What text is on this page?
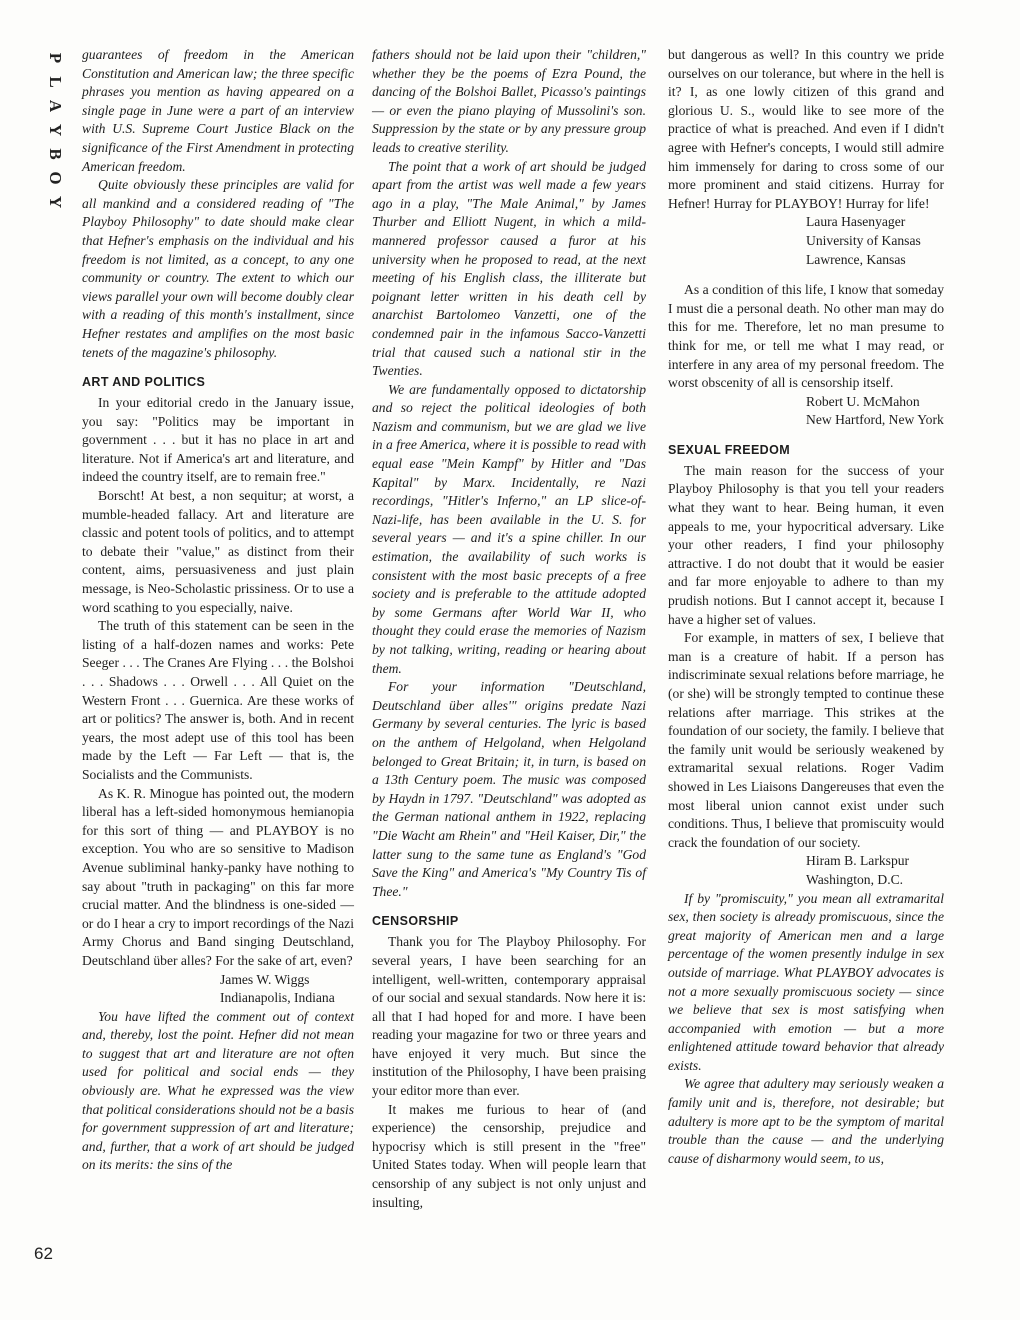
P
L
A
Y
B
O
Y
62

guarantees of freedom in the American Constitution and American law; the three specific phrases you mention as having appeared on a single page in June were a part of an interview with U.S. Supreme Court Justice Black on the significance of the First Amendment in protecting American freedom.

Quite obviously these principles are valid for all mankind and a considered reading of "The Playboy Philosophy" to date should make clear that Hefner's emphasis on the individual and his freedom is not limited, as a concept, to any one community or country. The extent to which our views parallel your own will become doubly clear with a reading of this month's installment, since Hefner restates and amplifies on the most basic tenets of the magazine's philosophy.

ART AND POLITICS

In your editorial credo in the January issue, you say: "Politics may be important in government . . . but it has no place in art and literature. Not if America's art and literature, and indeed the country itself, are to remain free."

Borscht! At best, a non sequitur; at worst, a mumble-headed fallacy. Art and literature are classic and potent tools of politics, and to attempt to debate their "value," as distinct from their content, aims, persuasiveness and just plain message, is Neo-Scholastic prissiness. Or to use a word scathing to you especially, naive.

The truth of this statement can be seen in the listing of a half-dozen names and works: Pete Seeger . . . The Cranes Are Flying . . . the Bolshoi . . . Shadows . . . Orwell . . . All Quiet on the Western Front . . . Guernica. Are these works of art or politics? The answer is, both. And in recent years, the most adept use of this tool has been made by the Left — Far Left — that is, the Socialists and the Communists.

As K. R. Minogue has pointed out, the modern liberal has a left-sided homonymous hemianopia for this sort of thing — and PLAYBOY is no exception. You who are so sensitive to Madison Avenue subliminal hanky-panky have nothing to say about "truth in packaging" on this far more crucial matter. And the blindness is one-sided — or do I hear a cry to import recordings of the Nazi Army Chorus and Band singing Deutschland, Deutschland über alles? For the sake of art, even?

James W. Wiggs

Indianapolis, Indiana

You have lifted the comment out of context and, thereby, lost the point. Hefner did not mean to suggest that art and literature are not often used for political and social ends — they obviously are. What he expressed was the view that political considerations should not be a basis for government suppression of art and literature; and, further, that a work of art should be judged on its merits: the sins of the

fathers should not be laid upon their "children," whether they be the poems of Ezra Pound, the dancing of the Bolshoi Ballet, Picasso's paintings — or even the piano playing of Mussolini's son. Suppression by the state or by any pressure group leads to creative sterility.

The point that a work of art should be judged apart from the artist was well made a few years ago in a play, "The Male Animal," by James Thurber and Elliott Nugent, in which a mild-mannered professor caused a furor at his university when he proposed to read, at the next meeting of his English class, the illiterate but poignant letter written in his death cell by anarchist Bartolomeo Vanzetti, one of the condemned pair in the infamous Sacco-Vanzetti trial that caused such a national stir in the Twenties.

We are fundamentally opposed to dictatorship and so reject the political ideologies of both Nazism and communism, but we are glad we live in a free America, where it is possible to read with equal ease "Mein Kampf" by Hitler and "Das Kapital" by Marx. Incidentally, re Nazi recordings, "Hitler's Inferno," an LP slice-of-Nazi-life, has been available in the U. S. for several years — and it's a spine chiller. In our estimation, the availability of such works is consistent with the most basic precepts of a free society and is preferable to the attitude adopted by some Germans after World War II, who thought they could erase the memories of Nazism by not talking, writing, reading or hearing about them.

For your information "Deutschland, Deutschland über alles'" origins predate Nazi Germany by several centuries. The lyric is based on the anthem of Helgoland, when Helgoland belonged to Great Britain; it, in turn, is based on a 13th Century poem. The music was composed by Haydn in 1797. "Deutschland" was adopted as the German national anthem in 1922, replacing "Die Wacht am Rhein" and "Heil Kaiser, Dir," the latter sung to the same tune as England's "God Save the King" and America's "My Country Tis of Thee."

CENSORSHIP

Thank you for The Playboy Philosophy. For several years, I have been searching for an intelligent, well-written, contemporary appraisal of our social and sexual standards. Now here it is: all that I had hoped for and more. I have been reading your magazine for two or three years and have enjoyed it very much. But since the institution of the Philosophy, I have been praising your editor more than ever.

It makes me furious to hear of (and experience) the censorship, prejudice and hypocrisy which is still present in the "free" United States today. When will people learn that censorship of any subject is not only unjust and insulting,

but dangerous as well? In this country we pride ourselves on our tolerance, but where in the hell is it? I, as one lowly citizen of this grand and glorious U. S., would like to see more of the practice of what is preached. And even if I didn't agree with Hefner's concepts, I would still admire him immensely for daring to cross some of our more prominent and staid citizens. Hurray for Hefner! Hurray for PLAYBOY! Hurray for life!

Laura Hasenyager

University of Kansas

Lawrence, Kansas

As a condition of this life, I know that someday I must die a personal death. No other man may do this for me. Therefore, let no man presume to think for me, or tell me what I may read, or interfere in any area of my personal freedom. The worst obscenity of all is censorship itself.

Robert U. McMahon

New Hartford, New York

SEXUAL FREEDOM

The main reason for the success of your Playboy Philosophy is that you tell your readers what they want to hear. Being human, it even appeals to me, your hypocritical adversary. Like your other readers, I find your philosophy attractive. I do not doubt that it would be easier and far more enjoyable to adhere to than my prudish notions. But I cannot accept it, because I have a higher set of values.

For example, in matters of sex, I believe that man is a creature of habit. If a person has indiscriminate sexual relations before marriage, he (or she) will be strongly tempted to continue these relations after marriage. This strikes at the foundation of our society, the family. I believe that the family unit would be seriously weakened by extramarital sexual relations. Roger Vadim showed in Les Liaisons Dangereuses that even the most liberal union cannot exist under such conditions. Thus, I believe that promiscuity would crack the foundation of our society.

Hiram B. Larkspur

Washington, D.C.

If by "promiscuity," you mean all extramarital sex, then society is already promiscuous, since the great majority of American men and a large percentage of the women presently indulge in sex outside of marriage. What PLAYBOY advocates is not a more sexually promiscuous society — since we believe that sex is most satisfying when accompanied with emotion — but a more enlightened attitude toward behavior that already exists.

We agree that adultery may seriously weaken a family unit and is, therefore, not desirable; but adultery is more apt to be the symptom of marital trouble than the cause — and the underlying cause of disharmony would seem, to us,
